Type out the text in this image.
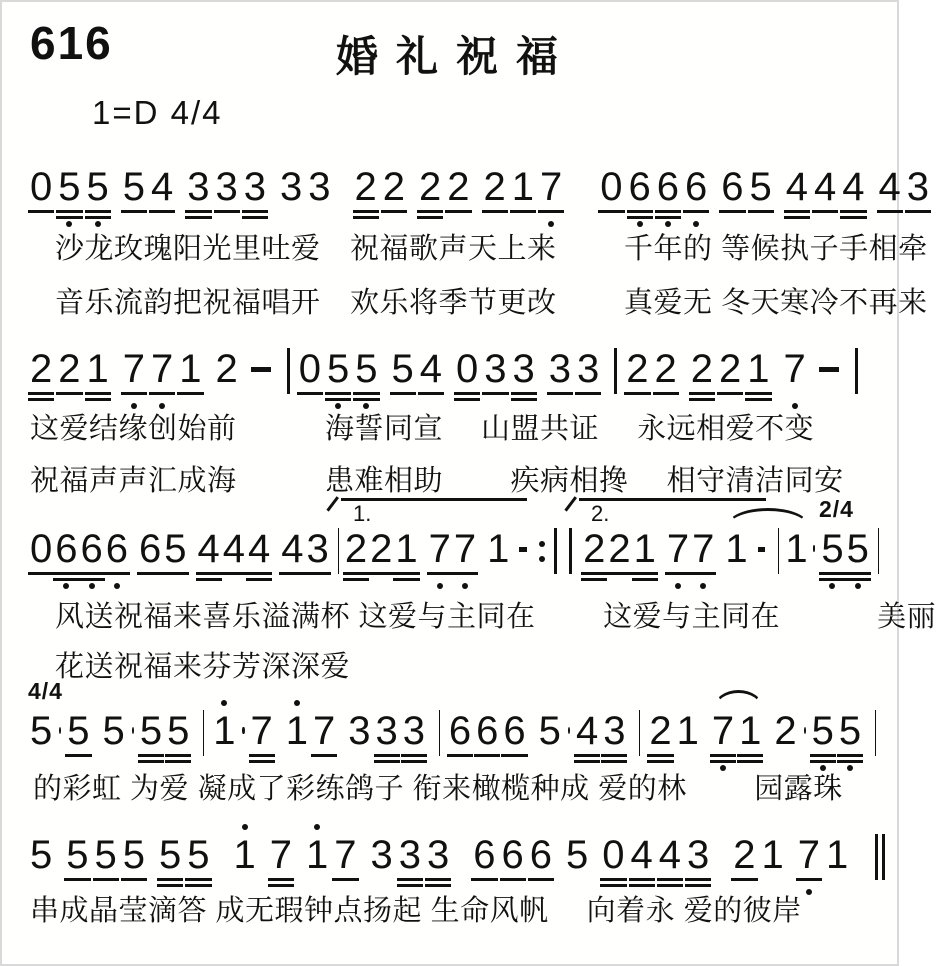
616	婚礼祝福
1=D 4/4
0 5 5 5 4 3 3 3 3 3 2 2 2 2 2 1 7 0 6 6 6 6 5 4 4 4 4 3
沙龙玫瑰阳光里吐爱　祝福歌声天上来　　 千年的 等候执子手相牵
音乐流韵把祝福唱开　欢乐将季节更改　　 真爱无 冬天寒冷不再来
2 2 1 7 7 1 2 0 5 5 5 4 0 3 3 3 3 2 2 2 2 1 7
这爱结缘创始前　　　海誓同宣　 山盟共证　 永远相爱不变
祝福声声汇成海　　　患难相助　　 疾病相搀　 相守清洁同安
0 6 6 6 6 5 4 4 4 4 3 2 2 1 7 7 1 2 2 1 7 7 1 1 5 5
1.	2.	2/4
风送祝福来喜乐溢满杯 这爱与主同在　　 这爱与主同在　　　 美丽
花送祝福来芬芳深深爱
5 5 5 5 5 1 7 1 7 3 3 3 6 6 6 5 4 3 2 1 7 1 2 5 5
4/4
的彩虹 为爱 凝成了彩练鸽子 衔来橄榄种成 爱的林　　 园露珠
5 5 5 5 5 5 1 7 1 7 3 3 3 6 6 6 5 0 4 4 3 2 1 7 1
串成晶莹滴答 成无瑕钟点扬起 生命风帆　 向着永 爱的彼岸
